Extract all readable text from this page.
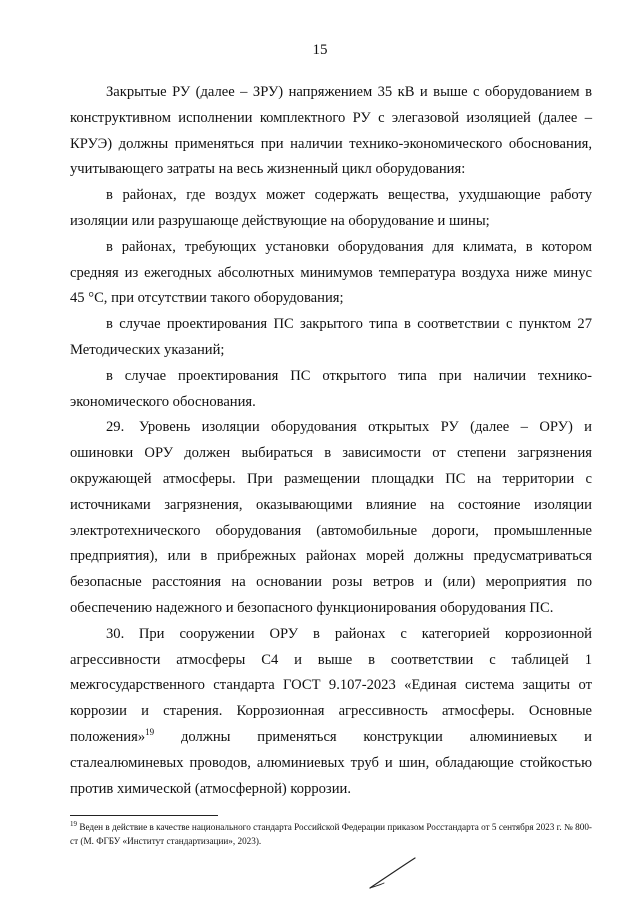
15

Закрытые РУ (далее – ЗРУ) напряжением 35 кВ и выше с оборудованием в конструктивном исполнении комплектного РУ с элегазовой изоляцией (далее – КРУЭ) должны применяться при наличии технико-экономического обоснования, учитывающего затраты на весь жизненный цикл оборудования:

в районах, где воздух может содержать вещества, ухудшающие работу изоляции или разрушающе действующие на оборудование и шины;

в районах, требующих установки оборудования для климата, в котором средняя из ежегодных абсолютных минимумов температура воздуха ниже минус 45 °С, при отсутствии такого оборудования;

в случае проектирования ПС закрытого типа в соответствии с пунктом 27 Методических указаний;

в случае проектирования ПС открытого типа при наличии технико-экономического обоснования.

29. Уровень изоляции оборудования открытых РУ (далее – ОРУ) и ошиновки ОРУ должен выбираться в зависимости от степени загрязнения окружающей атмосферы. При размещении площадки ПС на территории с источниками загрязнения, оказывающими влияние на состояние изоляции электротехнического оборудования (автомобильные дороги, промышленные предприятия), или в прибрежных районах морей должны предусматриваться безопасные расстояния на основании розы ветров и (или) мероприятия по обеспечению надежного и безопасного функционирования оборудования ПС.

30. При сооружении ОРУ в районах с категорией коррозионной агрессивности атмосферы С4 и выше в соответствии с таблицей 1 межгосударственного стандарта ГОСТ 9.107-2023 «Единая система защиты от коррозии и старения. Коррозионная агрессивность атмосферы. Основные положения»$^{19}$ должны применяться конструкции алюминиевых и сталеалюминевых проводов, алюминиевых труб и шин, обладающие стойкостью против химической (атмосферной) коррозии.

$^{19}$ Веден в действие в качестве национального стандарта Российской Федерации приказом Росстандарта от 5 сентября 2023 г. № 800-ст (М. ФГБУ «Институт стандартизации», 2023).
